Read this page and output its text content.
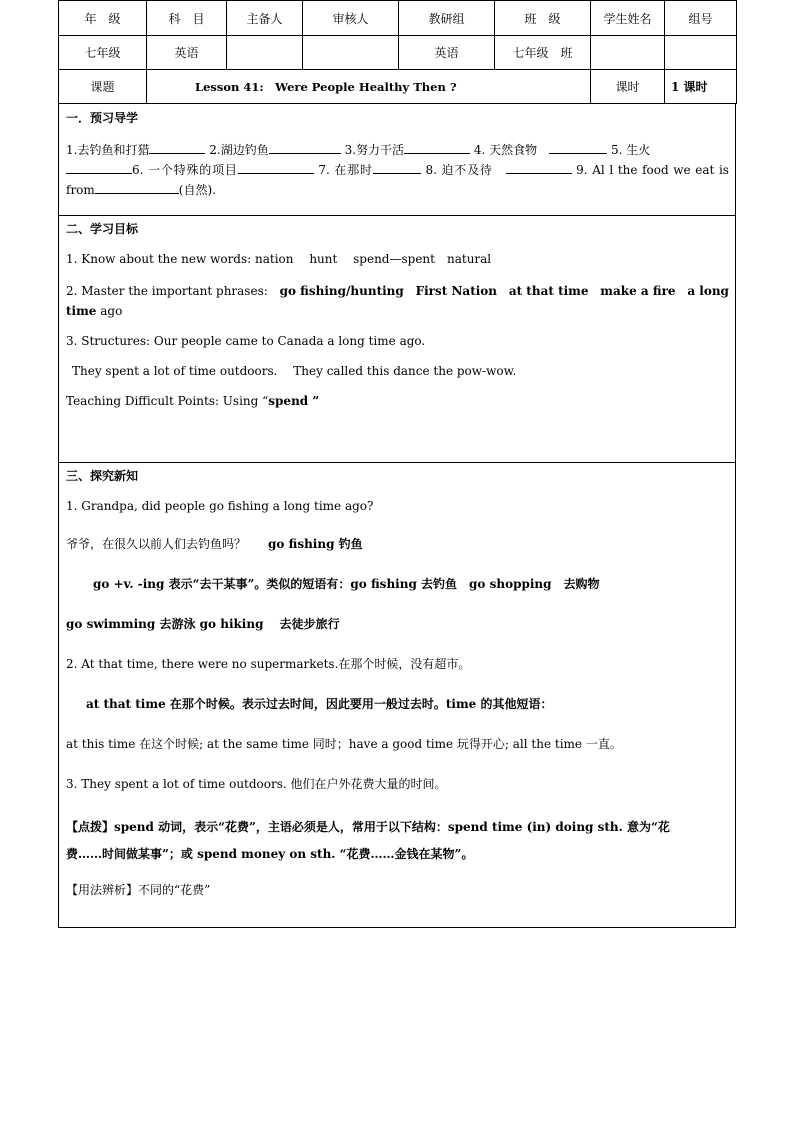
年　级	科　目	主备人	审核人	教研组	班　级	学生姓名	组号
七年级	英语			英语	七年级　班		
课题	Lesson 41:　Were People Healthy Then ?					课时	1 课时

一．预习导学

1.去钓鱼和打猎	2.湖边钓鱼	3.努力干活	4. 天然食物　	5. 生火
6. 一个特殊的项目	7. 在那时	8. 迫不及待　	9. Al l the food we eat is from	(自然).

二、学习目标

1. Know about the new words: nation　 hunt　 spend—spent　natural

2. Master the important phrases: go fishing/hunting First Nation at that time make a fire a long

time ago

3. Structures: Our people came to Canada a long time ago.

They spent a lot of time outdoors.　 They called this dance the pow-wow.

Teaching Difficult Points: Using “spend ”

三、探究新知

1. Grandpa, did people go fishing a long time ago?

爷爷，在很久以前人们去钓鱼吗？ go fishing 钓鱼

go +v. -ing 表示“去干某事”。类似的短语有：go fishing 去钓鱼　go shopping　去购物

go swimming 去游泳 go hiking　 去徒步旅行

2. At that time, there were no supermarkets.在那个时候，没有超市。

at that time 在那个时候。表示过去时间，因此要用一般过去时。time 的其他短语：

at this time 在这个时候; at the same time 同时；have a good time 玩得开心; all the time 一直。

3. They spent a lot of time outdoors. 他们在户外花费大量的时间。

【点拨】spend 动词，表示“花费”，主语必须是人，常用于以下结构：spend time (in) doing sth. 意为“花

费……时间做某事”；或 spend money on sth. “花费……金钱在某物”。

【用法辨析】不同的“花费”
